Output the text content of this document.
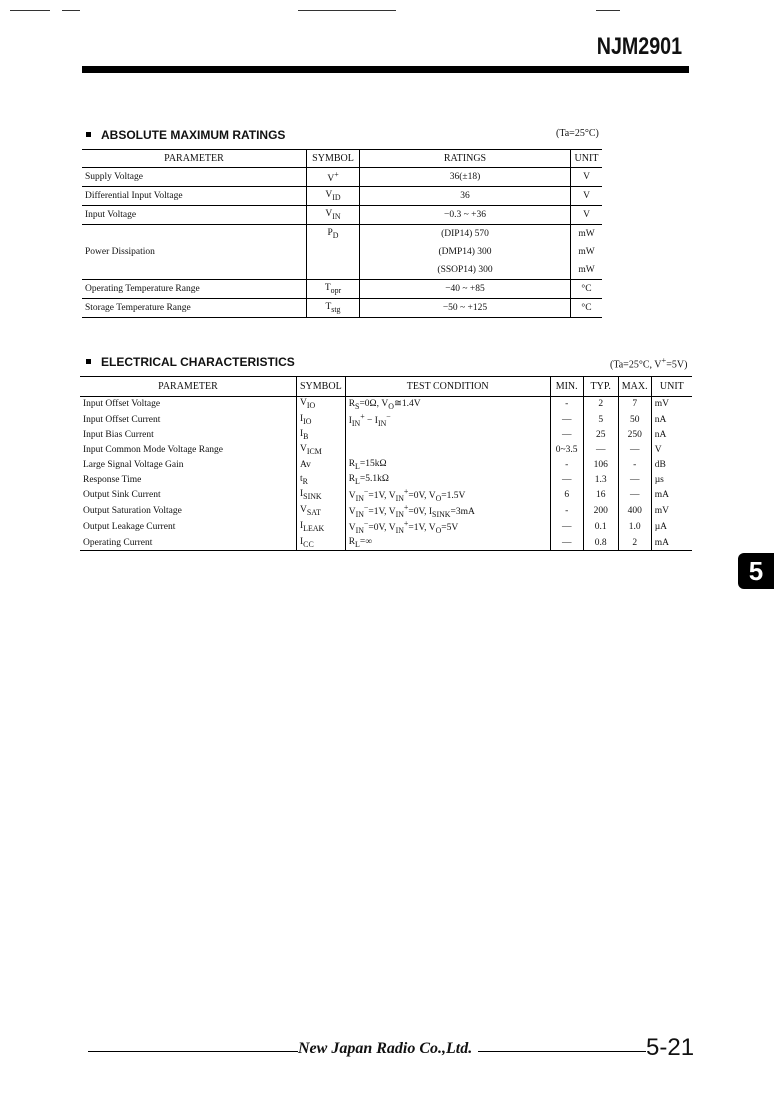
NJM2901
ABSOLUTE MAXIMUM RATINGS	(Ta=25°C)
PARAMETER	SYMBOL	RATINGS	UNIT
Supply Voltage	V+	36(±18)	V
Differential Input Voltage	$V_{ID}$	36	V
Input Voltage	$V_{IN}$	−0.3 ~ +36	V
Power Dissipation	$P_D$	(DIP14) 570	mW
		(DMP14) 300	mW
		(SSOP14) 300	mW
Operating Temperature Range	$T_{opr}$	−40 ~ +85	°C
Storage Temperature Range	$T_{stg}$	−50 ~ +125	°C
ELECTRICAL CHARACTERISTICS	(Ta=25°C, V+=5V)
PARAMETER	SYMBOL	TEST CONDITION	MIN.	TYP.	MAX.	UNIT
Input Offset Voltage	$V_{IO}$	$R_S=0\Omega$, $V_O≅1.4V$	-	2	7	mV
Input Offset Current	$I_{IO}$	$I_{IN}^+ - I_{IN}^-$	—	5	50	nA
Input Bias Current	$I_B$		—	25	250	nA
Input Common Mode Voltage Range	$V_{ICM}$		0~3.5	—	—	V
Large Signal Voltage Gain	Av	$R_L=15k\Omega$	-	106	-	dB
Response Time	$t_R$	$R_L=5.1k\Omega$	—	1.3	—	µs
Output Sink Current	$I_{SINK}$	$V_{IN}^-=1V$, $V_{IN}^+=0V$, $V_O=1.5V$	6	16	—	mA
Output Saturation Voltage	$V_{SAT}$	$V_{IN}^-=1V$, $V_{IN}^+=0V$, $I_{SINK}=3mA$	-	200	400	mV
Output Leakage Current	$I_{LEAK}$	$V_{IN}^-=0V$, $V_{IN}^+=1V$, $V_O=5V$	—	0.1	1.0	µA
Operating Current	$I_{CC}$	$R_L=\infty$	—	0.8	2	mA
5
New Japan Radio Co.,Ltd.	5-21
